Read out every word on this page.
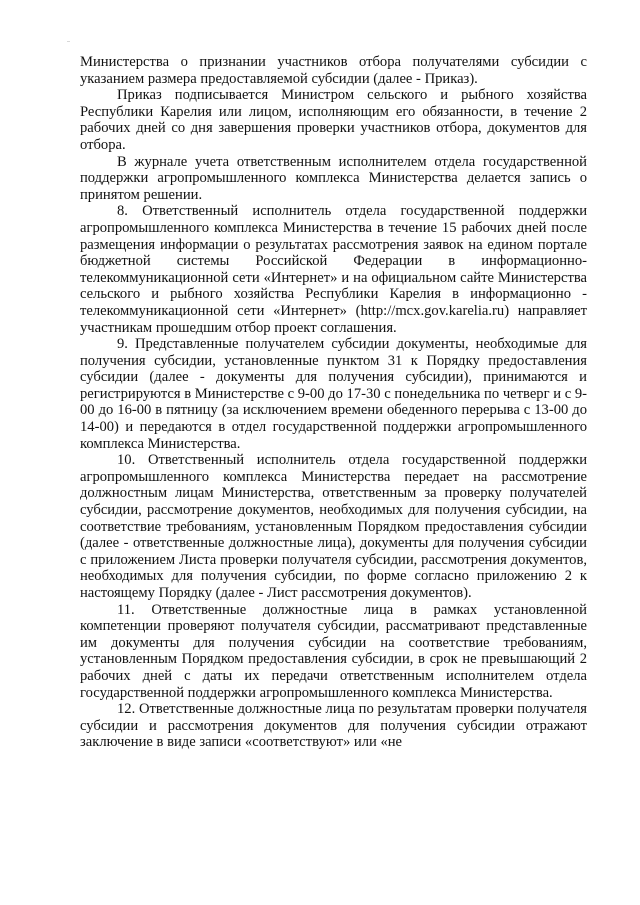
Министерства о признании участников отбора получателями субсидии с указанием размера предоставляемой субсидии (далее - Приказ).

Приказ подписывается Министром сельского и рыбного хозяйства Республики Карелия или лицом, исполняющим его обязанности, в течение 2 рабочих дней со дня завершения проверки участников отбора, документов для отбора.

В журнале учета ответственным исполнителем отдела государственной поддержки агропромышленного комплекса Министерства делается запись о принятом решении.

8. Ответственный исполнитель отдела государственной поддержки агропромышленного комплекса Министерства в течение 15 рабочих дней после размещения информации о результатах рассмотрения заявок на едином портале бюджетной системы Российской Федерации в информационно-телекоммуникационной сети «Интернет» и на официальном сайте Министерства сельского и рыбного хозяйства Республики Карелия в информационно - телекоммуникационной сети «Интернет» (http://mcx.gov.karelia.ru) направляет участникам прошедшим отбор проект соглашения.

9. Представленные получателем субсидии документы, необходимые для получения субсидии, установленные пунктом 31 к Порядку предоставления субсидии (далее - документы для получения субсидии), принимаются и регистрируются в Министерстве с 9-00 до 17-30 с понедельника по четверг и с 9-00 до 16-00 в пятницу (за исключением времени обеденного перерыва с 13-00 до 14-00) и передаются в отдел государственной поддержки агропромышленного комплекса Министерства.

10. Ответственный исполнитель отдела государственной поддержки агропромышленного комплекса Министерства передает на рассмотрение должностным лицам Министерства, ответственным за проверку получателей субсидии, рассмотрение документов, необходимых для получения субсидии, на соответствие требованиям, установленным Порядком предоставления субсидии (далее - ответственные должностные лица), документы для получения субсидии с приложением Листа проверки получателя субсидии, рассмотрения документов, необходимых для получения субсидии, по форме согласно приложению 2 к настоящему Порядку (далее - Лист рассмотрения документов).

11. Ответственные должностные лица в рамках установленной компетенции проверяют получателя субсидии, рассматривают представленные им документы для получения субсидии на соответствие требованиям, установленным Порядком предоставления субсидии, в срок не превышающий 2 рабочих дней с даты их передачи ответственным исполнителем отдела государственной поддержки агропромышленного комплекса Министерства.

12. Ответственные должностные лица по результатам проверки получателя субсидии и рассмотрения документов для получения субсидии отражают заключение в виде записи «соответствуют» или «не
